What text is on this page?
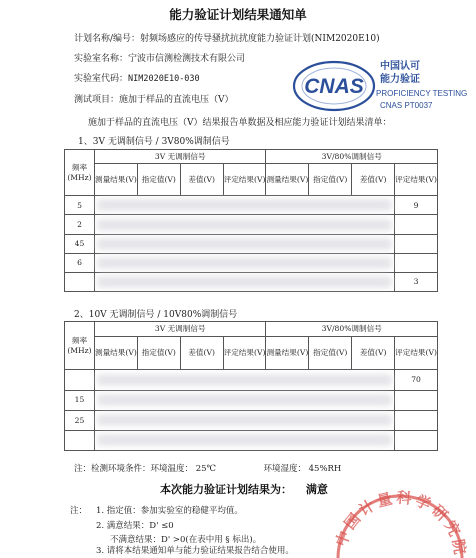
能力验证计划结果通知单
计划名称/编号：射频场感应的传导骚扰抗扰度能力验证计划(NIM2020E10)
实验室名称：宁波市信测检测技术有限公司
实验室代码：NIM2020E10-030
测试项目：施加于样品的直流电压（V）
CNAS
中国认可
能力验证
PROFICIENCY TESTING
CNAS PT0037
施加于样品的直流电压（V）结果报告单数据及相应能力验证计划结果清单：
1、3V 无调制信号 / 3V80%调制信号
频率(MHz)	3V 无调制信号				3V/80%调制信号			
	测量结果(V)	指定值(V)	差值(V)	评定结果(V)	测量结果(V)	指定值(V)	差值(V)	评定结果(V)
5								9
2							

45							

6							

							3
2、10V 无调制信号 / 10V80%调制信号
频率(MHz)	3V 无调制信号				3V/80%调制信号			
	测量结果(V)	指定值(V)	差值(V)	评定结果(V)	测量结果(V)	指定值(V)	差值(V)	评定结果(V)

							70
15							

25							

注：检测环境条件：环境温度： 25℃	环境湿度： 45%RH
本次能力验证计划结果为： 满意
注： 1. 指定值：参加实验室的稳健平均值。
2. 满意结果：D' ≤0
不满意结果：D' >0(在表中用 § 标出)。
3. 请将本结果通知单与能力验证结果报告结合使用。
中国计量科学研究院
